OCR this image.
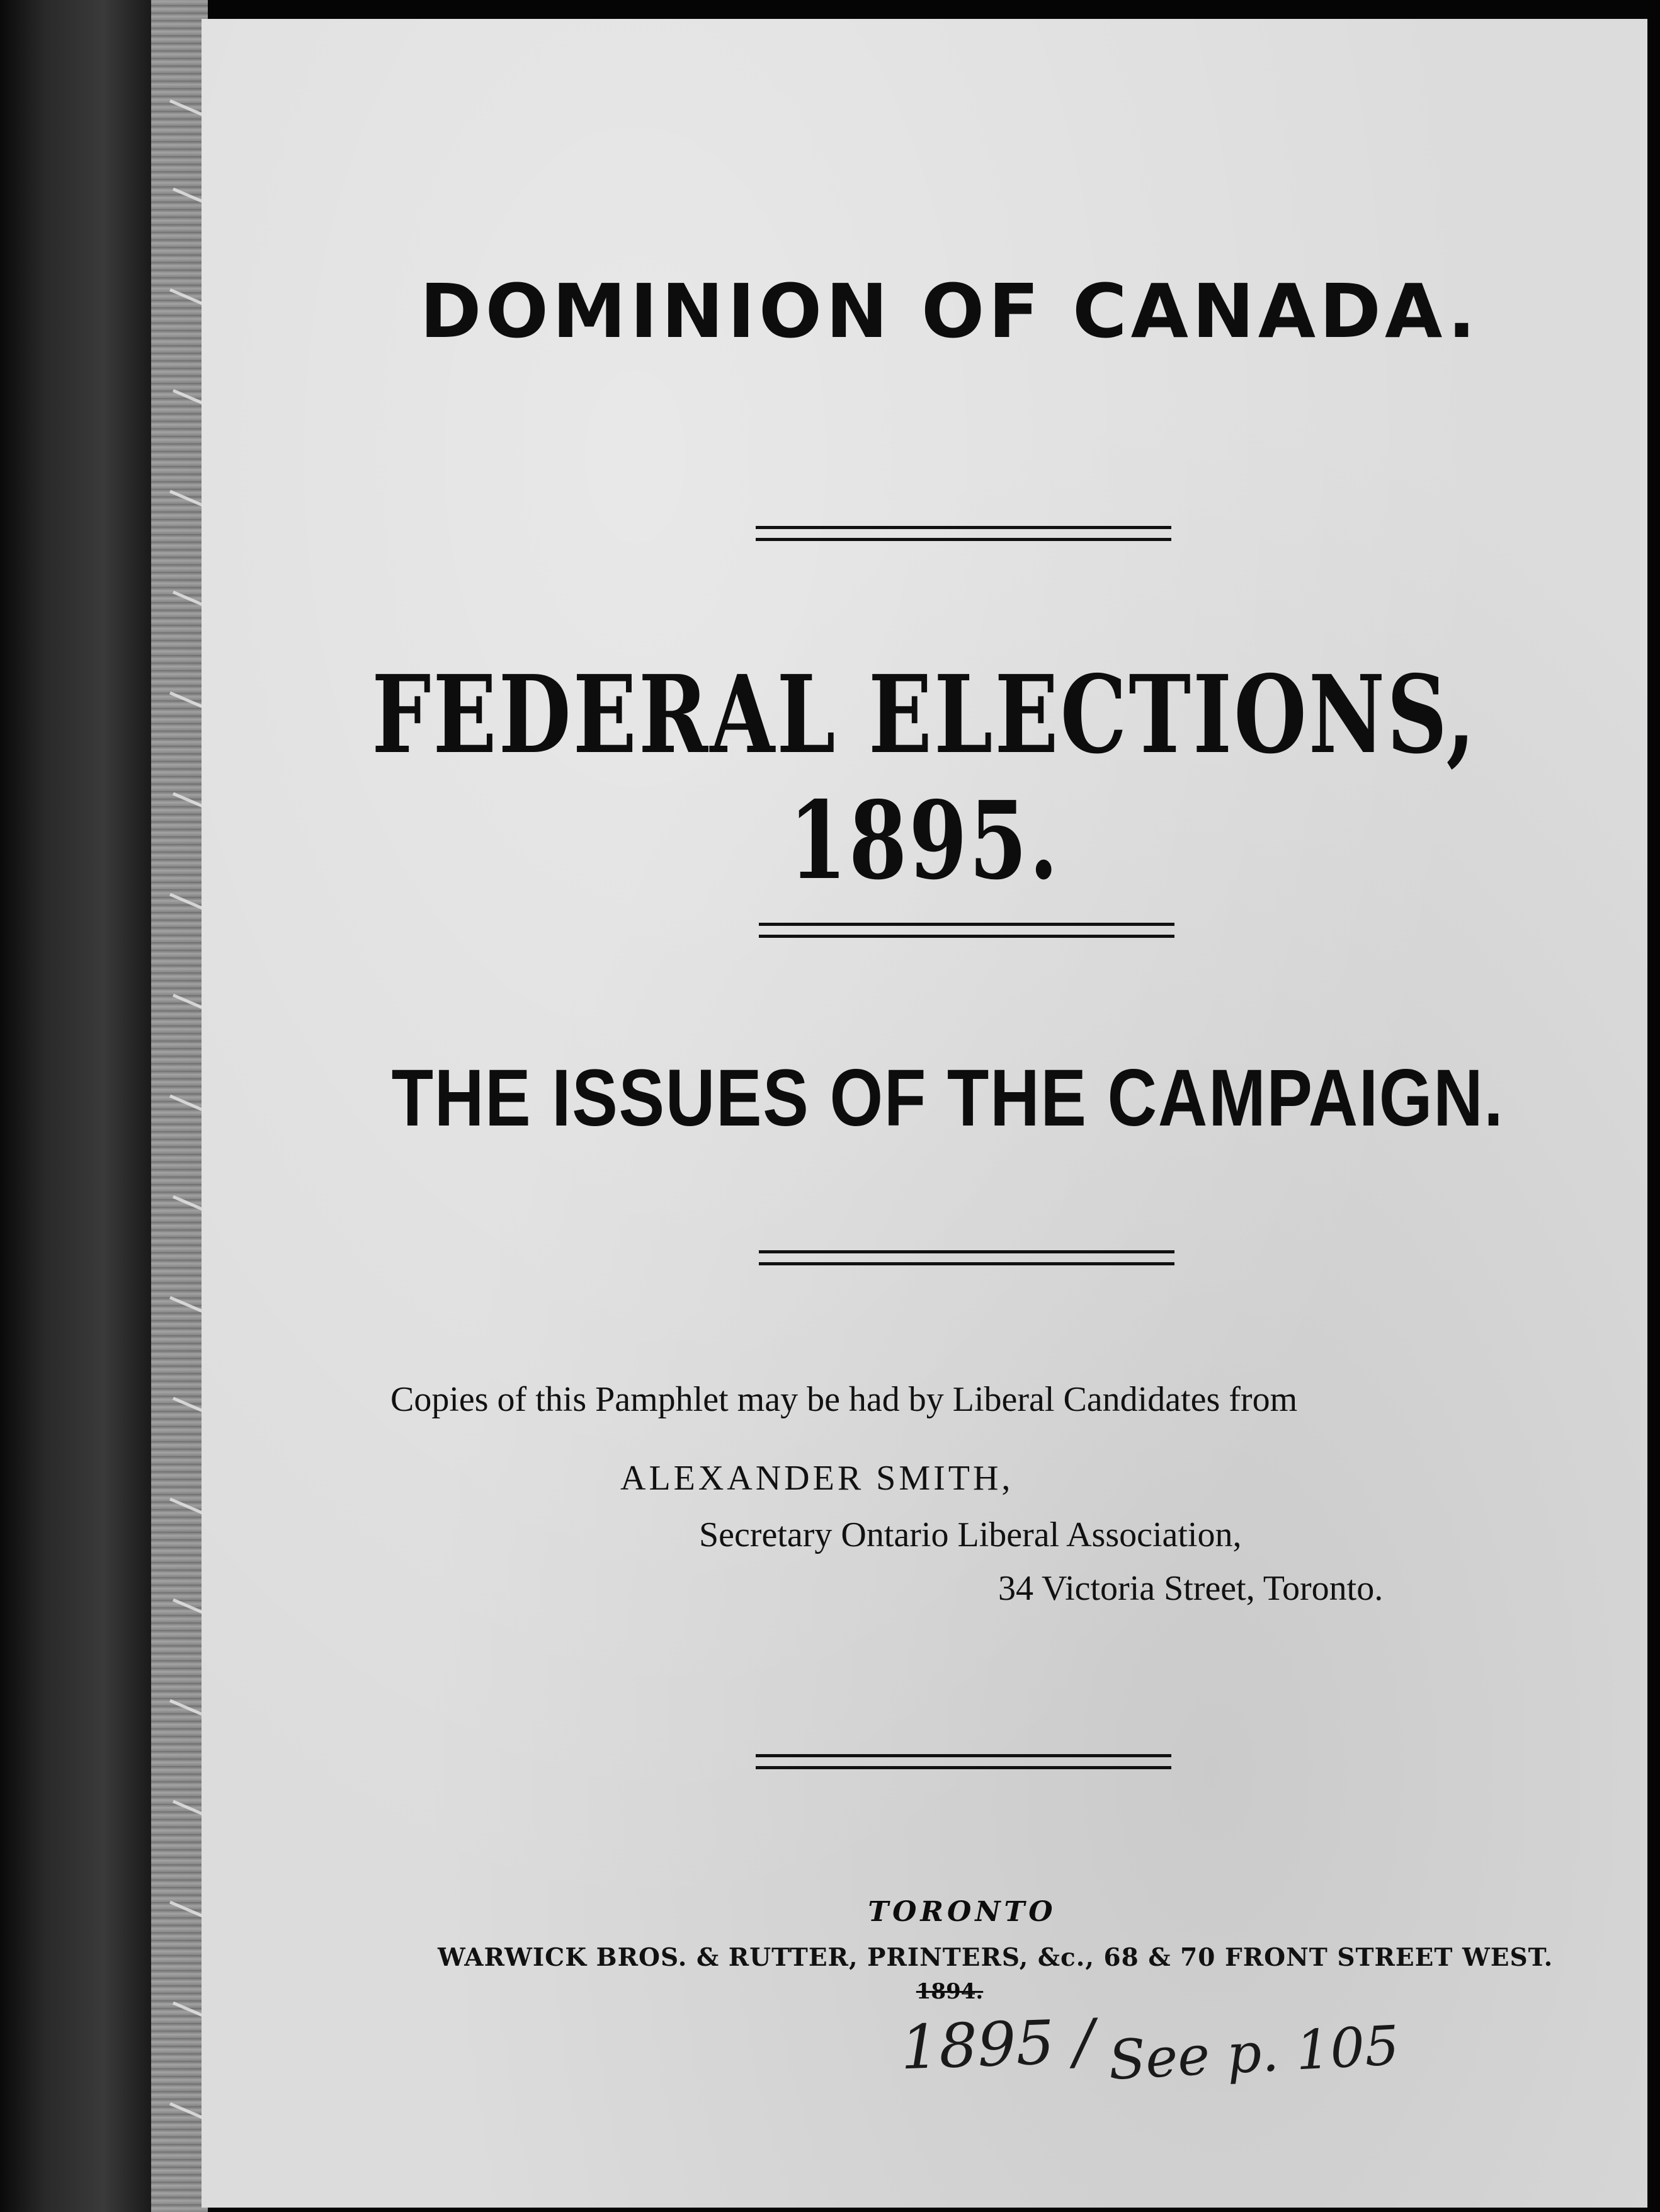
DOMINION OF CANADA.
FEDERAL ELECTIONS, 1895.
THE ISSUES OF THE CAMPAIGN.

Copies of this Pamphlet may be had by Liberal Candidates from

ALEXANDER SMITH,

Secretary Ontario Liberal Association,

34 Victoria Street, Toronto.

TORONTO

WARWICK BROS. & RUTTER, PRINTERS, &c., 68 & 70 FRONT STREET WEST.

1894.

1895 / See p. 105
